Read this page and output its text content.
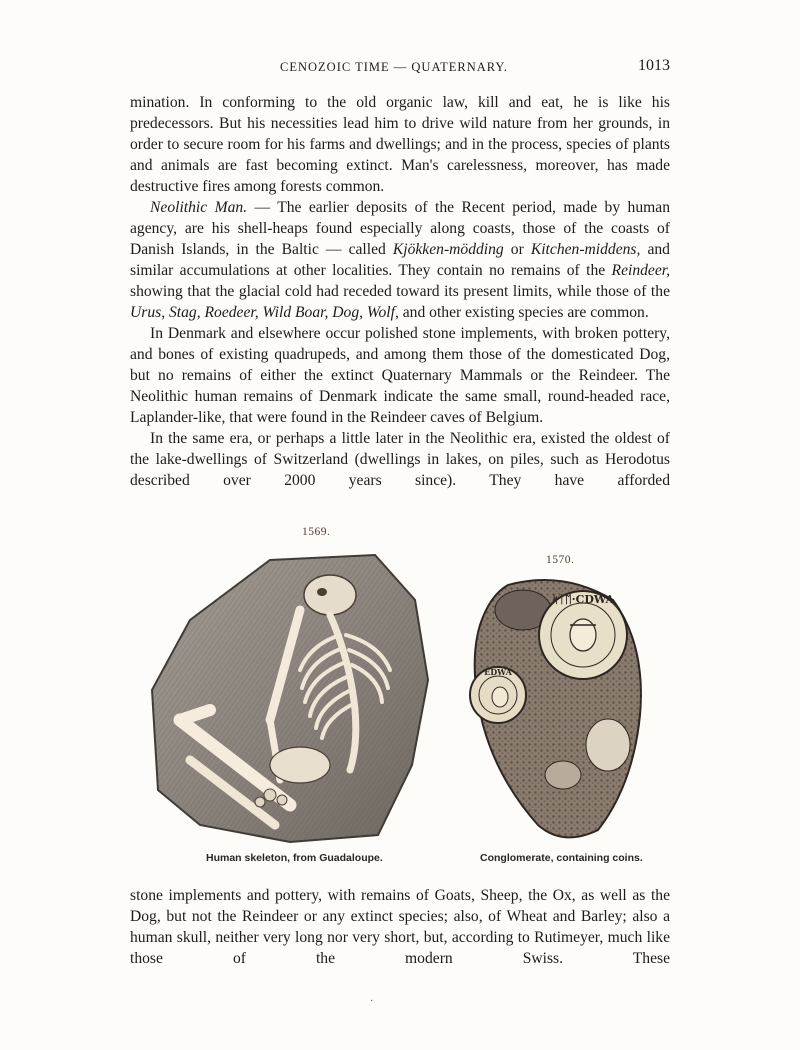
CENOZOIC TIME — QUATERNARY.	1013

mination. In conforming to the old organic law, kill and eat, he is like his predecessors. But his necessities lead him to drive wild nature from her grounds, in order to secure room for his farms and dwellings; and in the process, species of plants and animals are fast becoming extinct. Man's carelessness, moreover, has made destructive fires among forests common.

Neolithic Man. — The earlier deposits of the Recent period, made by human agency, are his shell-heaps found especially along coasts, those of the coasts of Danish Islands, in the Baltic — called Kjökken-mödding or Kitchen-middens, and similar accumulations at other localities. They contain no remains of the Reindeer, showing that the glacial cold had receded toward its present limits, while those of the Urus, Stag, Roedeer, Wild Boar, Dog, Wolf, and other existing species are common.

In Denmark and elsewhere occur polished stone implements, with broken pottery, and bones of existing quadrupeds, and among them those of the domesticated Dog, but no remains of either the extinct Quaternary Mammals or the Reindeer. The Neolithic human remains of Denmark indicate the same small, round-headed race, Laplander-like, that were found in the Reindeer caves of Belgium.

In the same era, or perhaps a little later in the Neolithic era, existed the oldest of the lake-dwellings of Switzerland (dwellings in lakes, on piles, such as Herodotus described over 2000 years since). They have afforded

1569.
1570.
Human skeleton, from Guadaloupe.
ᛋᛁᛖ·CDWA
EDWA
Conglomerate, containing coins.

stone implements and pottery, with remains of Goats, Sheep, the Ox, as well as the Dog, but not the Reindeer or any extinct species; also, of Wheat and Barley; also a human skull, neither very long nor very short, but, according to Rutimeyer, much like those of the modern Swiss. These

·
